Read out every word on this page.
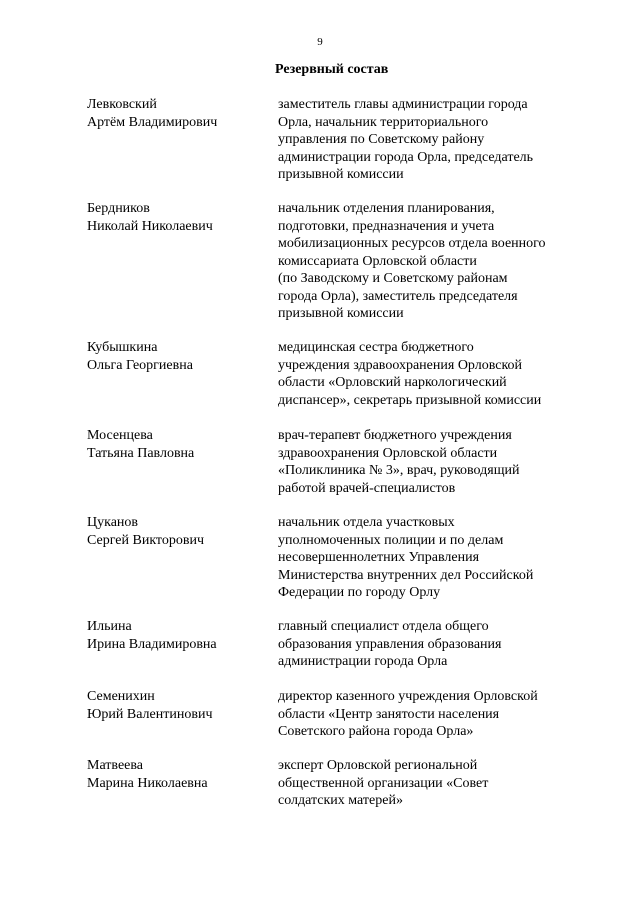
9
Резервный состав
Левковский
Артём Владимирович
заместитель главы администрации города
Орла, начальник территориального
управления по Советскому району
администрации города Орла, председатель
призывной комиссии
Бердников
Николай Николаевич
начальник отделения планирования,
подготовки, предназначения и учета
мобилизационных ресурсов отдела военного
комиссариата Орловской области
(по Заводскому и Советскому районам
города Орла), заместитель председателя
призывной комиссии
Кубышкина
Ольга Георгиевна
медицинская сестра бюджетного
учреждения здравоохранения Орловской
области «Орловский наркологический
диспансер», секретарь призывной комиссии
Мосенцева
Татьяна Павловна
врач-терапевт бюджетного учреждения
здравоохранения Орловской области
«Поликлиника № 3», врач, руководящий
работой врачей-специалистов
Цуканов
Сергей Викторович
начальник отдела участковых
уполномоченных полиции и по делам
несовершеннолетних Управления
Министерства внутренних дел Российской
Федерации по городу Орлу
Ильина
Ирина Владимировна
главный специалист отдела общего
образования управления образования
администрации города Орла
Семенихин
Юрий Валентинович
директор казенного учреждения Орловской
области «Центр занятости населения
Советского района города Орла»
Матвеева
Марина Николаевна
эксперт Орловской региональной
общественной организации «Совет
солдатских матерей»
